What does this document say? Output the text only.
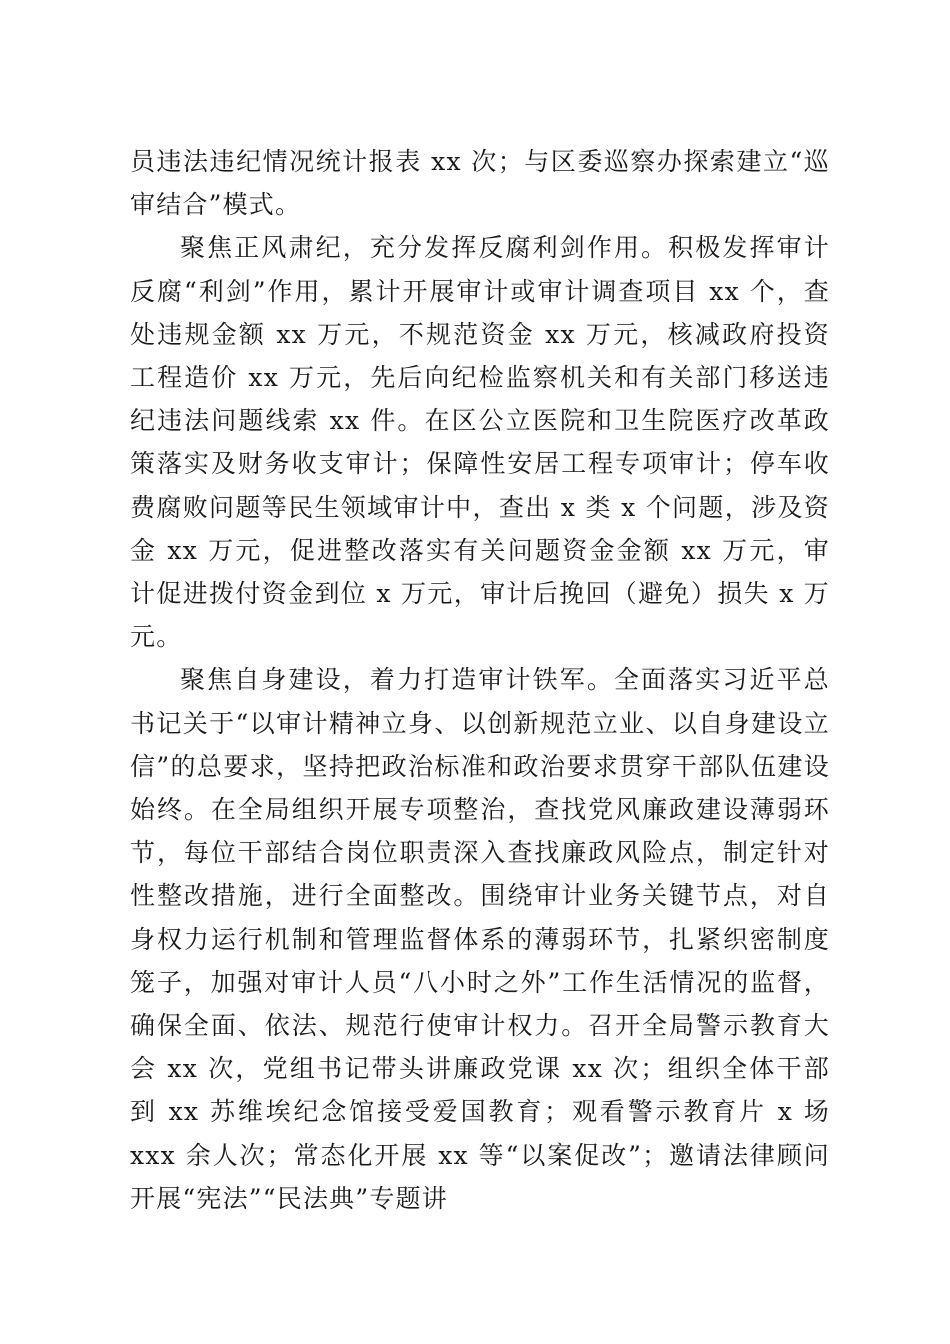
员违法违纪情况统计报表 xx 次；与区委巡察办探索建立“巡审结合”模式。

聚焦正风肃纪，充分发挥反腐利剑作用。积极发挥审计反腐“利剑”作用，累计开展审计或审计调查项目 xx 个，查处违规金额 xx 万元，不规范资金 xx 万元，核减政府投资工程造价 xx 万元，先后向纪检监察机关和有关部门移送违纪违法问题线索 xx 件。在区公立医院和卫生院医疗改革政策落实及财务收支审计；保障性安居工程专项审计；停车收费腐败问题等民生领域审计中，查出 x 类 x 个问题，涉及资金 xx 万元，促进整改落实有关问题资金金额 xx 万元，审计促进拨付资金到位 x 万元，审计后挽回（避免）损失 x 万元。

聚焦自身建设，着力打造审计铁军。全面落实习近平总书记关于“以审计精神立身、以创新规范立业、以自身建设立信”的总要求，坚持把政治标准和政治要求贯穿干部队伍建设始终。在全局组织开展专项整治，查找党风廉政建设薄弱环节，每位干部结合岗位职责深入查找廉政风险点，制定针对性整改措施，进行全面整改。围绕审计业务关键节点，对自身权力运行机制和管理监督体系的薄弱环节，扎紧织密制度笼子，加强对审计人员“八小时之外”工作生活情况的监督，确保全面、依法、规范行使审计权力。召开全局警示教育大会 xx 次，党组书记带头讲廉政党课 xx 次；组织全体干部到 xx 苏维埃纪念馆接受爱国教育；观看警示教育片 x 场 xxx 余人次；常态化开展 xx 等“以案促改”；邀请法律顾问开展“宪法”“民法典”专题讲
